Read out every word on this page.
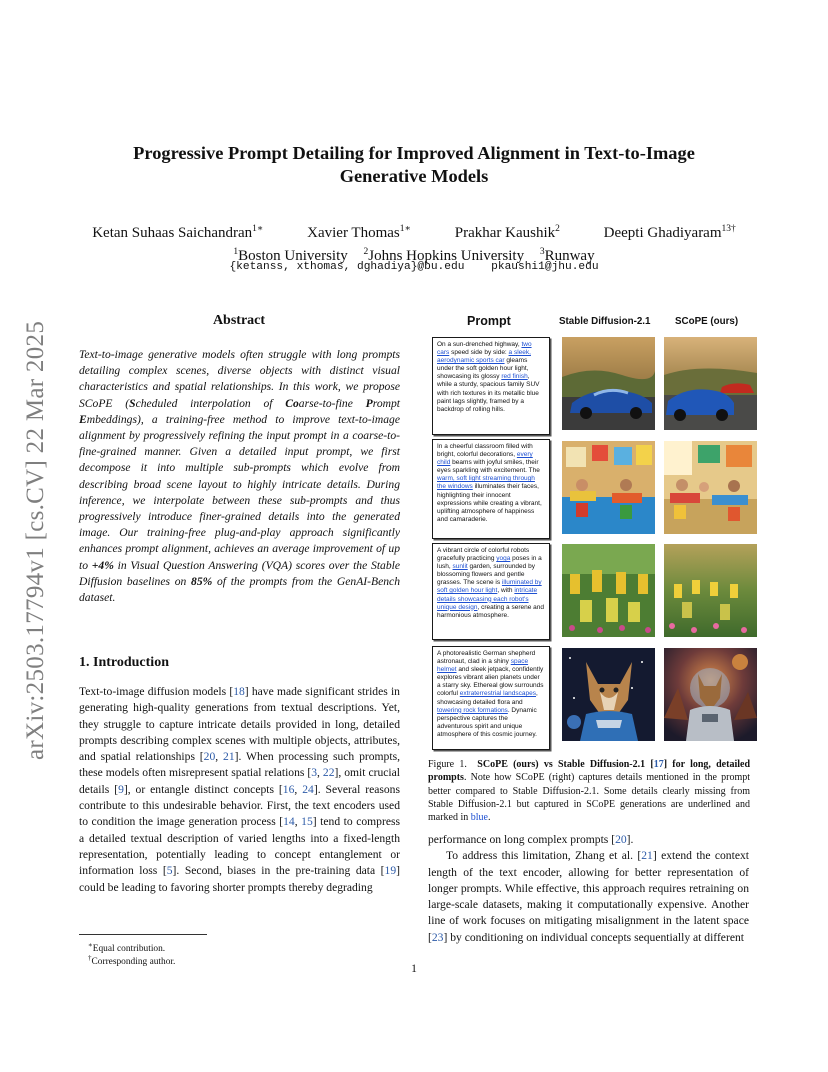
arXiv:2503.17794v1 [cs.CV] 22 Mar 2025
Progressive Prompt Detailing for Improved Alignment in Text-to-Image
Generative Models
Ketan Suhaas Saichandran$^{1∗}$	Xavier Thomas$^{1∗}$	Prakhar Kaushik$^2$	Deepti Ghadiyaram$^{13\dagger}$
$^1$Boston University $^2$Johns Hopkins University $^3$Runway
{ketanss, xthomas, dghadiya}@bu.edu pkaushi1@jhu.edu
Abstract

Text-to-image generative models often struggle with long prompts detailing complex scenes, diverse objects with distinct visual characteristics and spatial relationships. In this work, we propose SCoPE (Scheduled interpolation of Coarse-to-fine Prompt Embeddings), a training-free method to improve text-to-image alignment by progressively refining the input prompt in a coarse-to-fine-grained manner. Given a detailed input prompt, we first decompose it into multiple sub-prompts which evolve from describing broad scene layout to highly intricate details. During inference, we interpolate between these sub-prompts and thus progressively introduce finer-grained details into the generated image. Our training-free plug-and-play approach significantly enhances prompt alignment, achieves an average improvement of up to +4% in Visual Question Answering (VQA) scores over the Stable Diffusion baselines on 85% of the prompts from the GenAI-Bench dataset.

1. Introduction

Text-to-image diffusion models [18] have made significant strides in generating high-quality generations from textual descriptions. Yet, they struggle to capture intricate details provided in long, detailed prompts describing complex scenes with multiple objects, attributes, and spatial relationships [20, 21]. When processing such prompts, these models often misrepresent spatial relations [3, 22], omit crucial details [9], or entangle distinct concepts [16, 24]. Several reasons contribute to this undesirable behavior. First, the text encoders used to condition the image generation process [14, 15] tend to compress a detailed textual description of varied lengths into a fixed-length representation, potentially leading to concept entanglement or information loss [5]. Second, biases in the pre-training data [19] could be leading to favoring shorter prompts thereby degrading

∗Equal contribution.
†Corresponding author.
Prompt	Stable Diffusion-2.1	SCoPE (ours)
On a sun-drenched highway, two cars speed side by side: a sleek, aerodynamic sports car gleams under the soft golden hour light, showcasing its glossy red finish, while a sturdy, spacious family SUV with rich textures in its metallic blue paint lags slightly, framed by a backdrop of rolling hills.
In a cheerful classroom filled with bright, colorful decorations, every child beams with joyful smiles, their eyes sparkling with excitement. The warm, soft light streaming through the windows illuminates their faces, highlighting their innocent expressions while creating a vibrant, uplifting atmosphere of happiness and camaraderie.
A vibrant circle of colorful robots gracefully practicing yoga poses in a lush, sunlit garden, surrounded by blossoming flowers and gentle grasses. The scene is illuminated by soft golden hour light, with intricate details showcasing each robot's unique design, creating a serene and harmonious atmosphere.
A photorealistic German shepherd astronaut, clad in a shiny space helmet and sleek jetpack, confidently explores vibrant alien planets under a starry sky. Ethereal glow surrounds colorful extraterrestrial landscapes, showcasing detailed flora and towering rock formations. Dynamic perspective captures the adventurous spirit and unique atmosphere of this cosmic journey.

Figure 1. SCoPE (ours) vs Stable Diffusion-2.1 [17] for long, detailed prompts. Note how SCoPE (right) captures details mentioned in the prompt better compared to Stable Diffusion-2.1. Some details clearly missing from Stable Diffusion-2.1 but captured in SCoPE generations are underlined and marked in blue.

performance on long complex prompts [20].
To address this limitation, Zhang et al. [21] extend the context length of the text encoder, allowing for better representation of longer prompts. While effective, this approach requires retraining on large-scale datasets, making it computationally expensive. Another line of work focuses on mitigating misalignment in the latent space [23] by conditioning on individual concepts sequentially at different

1
